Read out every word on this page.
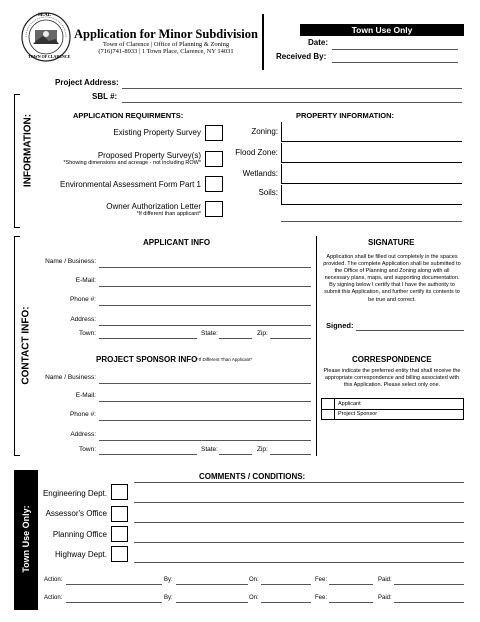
SEAL
TOWN OF CLARENCE
Application for Minor Subdivision
Town of Clarence | Office of Planning & Zoning
(716)741-8933 | 1 Town Place, Clarence, NY 14031
Town Use Only
Date:
Received By:
INFORMATION:
Project Address:
SBL #:
APPLICATION REQUIRMENTS:	PROPERTY INFORMATION:
Existing Property Survey
Proposed Property Survey(s)
*Showing dimensions and acreage - not including ROW*
Environmental Assessment Form Part 1
Owner Authorization Letter
*If different than applicant*
Zoning:
Flood Zone:
Wetlands:
Soils:
CONTACT INFO:
APPLICANT INFO
Name / Business:
E-Mail:
Phone #:
Address:
Town:	State:	Zip:
PROJECT SPONSOR INFO *If Different Than Applicant*
Name / Business:
E-Mail:
Phone #:
Address:
Town:	State:	Zip:
SIGNATURE
Application shall be filled out completely in the spaces provided. The complete Application shall be submitted to the Office of Planning and Zoning along with all necessary plans, maps, and supporting documentation. By signing below I certify that I have the authority to submit this Application, and further certify its contents to be true and correct.
Signed:
CORRESPONDENCE
Please indicate the preferred entity that shall receive the appropriate correspondence and billing associated with this Application. Please select only one.
Applicant
Project Sponsor
Town Use Only:
COMMENTS / CONDITIONS:
Engineering Dept.
Assessor's Office
Planning Office
Highway Dept.
Action:	By:	On:	Fee:	Paid:
Action:	By:	On:	Fee:	Paid:
